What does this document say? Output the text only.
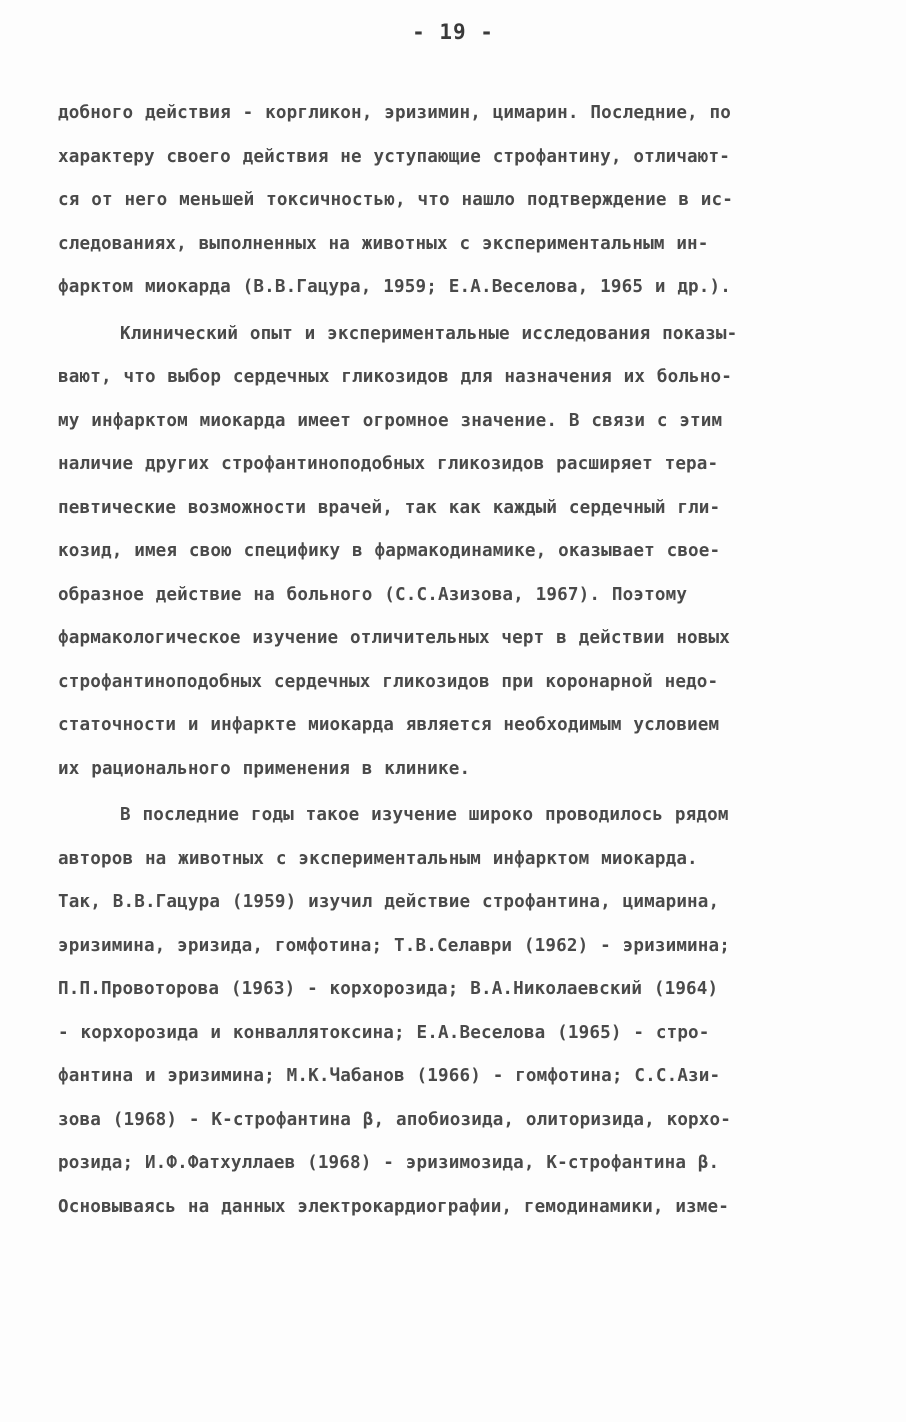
- 19 -
добного действия - коргликон, эризимин, цимарин. Последние, по
характеру своего действия не уступающие строфантину, отличают-
ся от него меньшей токсичностью, что нашло подтверждение в ис-
следованиях, выполненных на животных с экспериментальным ин-
фарктом миокарда (В.В.Гацура, 1959; Е.А.Веселова, 1965 и др.).
Клинический опыт и экспериментальные исследования показы-
вают, что выбор сердечных гликозидов для назначения их больно-
му инфарктом миокарда имеет огромное значение. В связи с этим
наличие других строфантиноподобных гликозидов расширяет тера-
певтические возможности врачей, так как каждый сердечный гли-
козид, имея свою специфику в фармакодинамике, оказывает свое-
образное действие на больного (С.С.Азизова, 1967). Поэтому
фармакологическое изучение отличительных черт в действии новых
строфантиноподобных сердечных гликозидов при коронарной недо-
статочности и инфаркте миокарда является необходимым условием
их рационального применения в клинике.
В последние годы такое изучение широко проводилось рядом
авторов на животных с экспериментальным инфарктом миокарда.
Так, В.В.Гацура (1959) изучил действие строфантина, цимарина,
эризимина, эризида, гомфотина; Т.В.Селаври (1962) - эризимина;
П.П.Провоторова (1963) - корхорозида; В.А.Николаевский (1964)
- корхорозида и конваллятоксина; Е.А.Веселова (1965) - стро-
фантина и эризимина; М.К.Чабанов (1966) - гомфотина; С.С.Ази-
зова (1968) - К-строфантина β, апобиозида, олиторизида, корхо-
розида; И.Ф.Фатхуллаев (1968) - эризимозида, К-строфантина β.
Основываясь на данных электрокардиографии, гемодинамики, изме-
